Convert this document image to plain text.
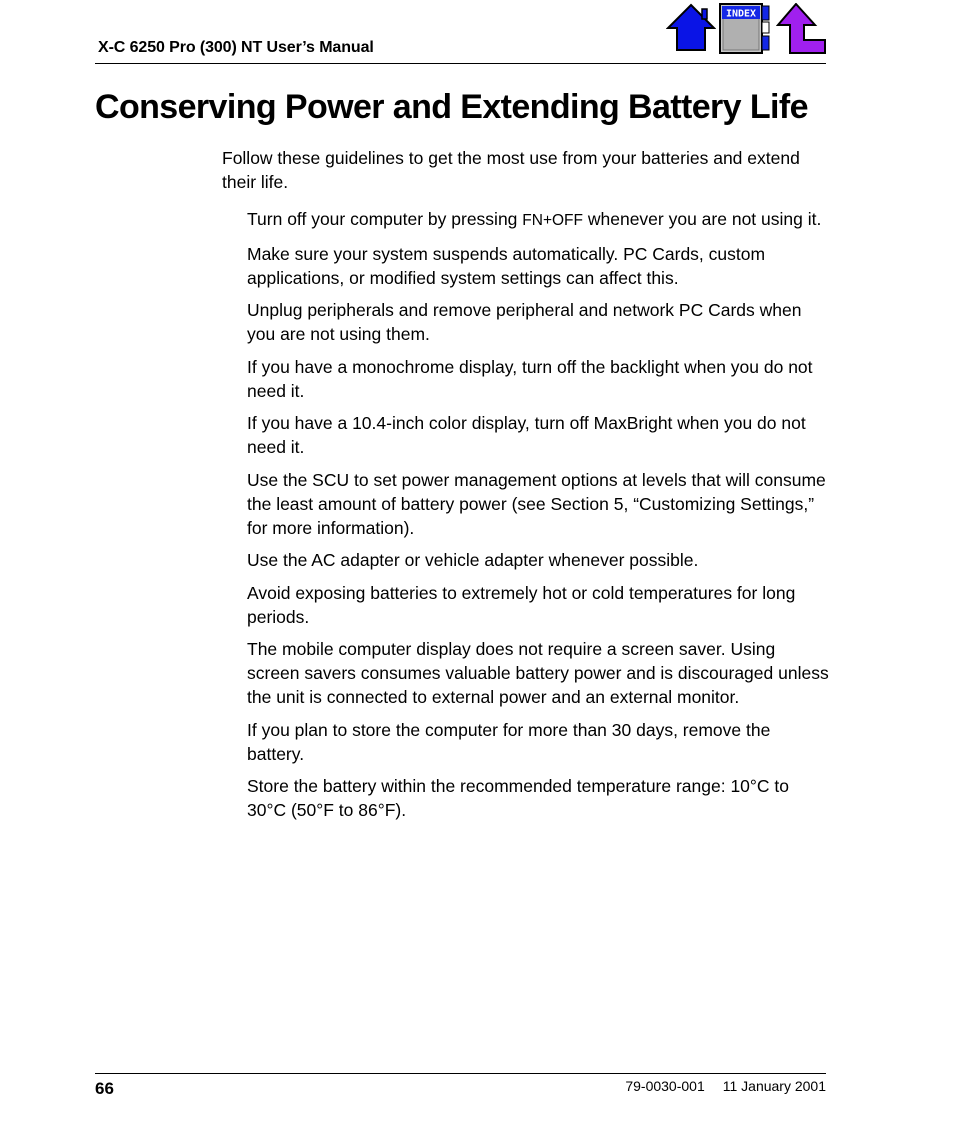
X-C 6250 Pro (300) NT User’s Manual
INDEX
Conserving Power and Extending Battery Life

Follow these guidelines to get the most use from your batteries and extend their life.

Turn off your computer by pressing FN+OFF whenever you are not using it.
Make sure your system suspends automatically. PC Cards, custom applications, or modified system settings can affect this.
Unplug peripherals and remove peripheral and network PC Cards when you are not using them.
If you have a monochrome display, turn off the backlight when you do not need it.
If you have a 10.4-inch color display, turn off MaxBright when you do not need it.
Use the SCU to set power management options at levels that will consume the least amount of battery power (see Section 5, “Customizing Settings,” for more information).
Use the AC adapter or vehicle adapter whenever possible.
Avoid exposing batteries to extremely hot or cold temperatures for long periods.
The mobile computer display does not require a screen saver. Using screen savers consumes valuable battery power and is discouraged unless the unit is connected to external power and an external monitor.
If you plan to store the computer for more than 30 days, remove the battery.
Store the battery within the recommended temperature range: 10°C to 30°C (50°F to 86°F).
66	79-0030-001 11 January 2001
